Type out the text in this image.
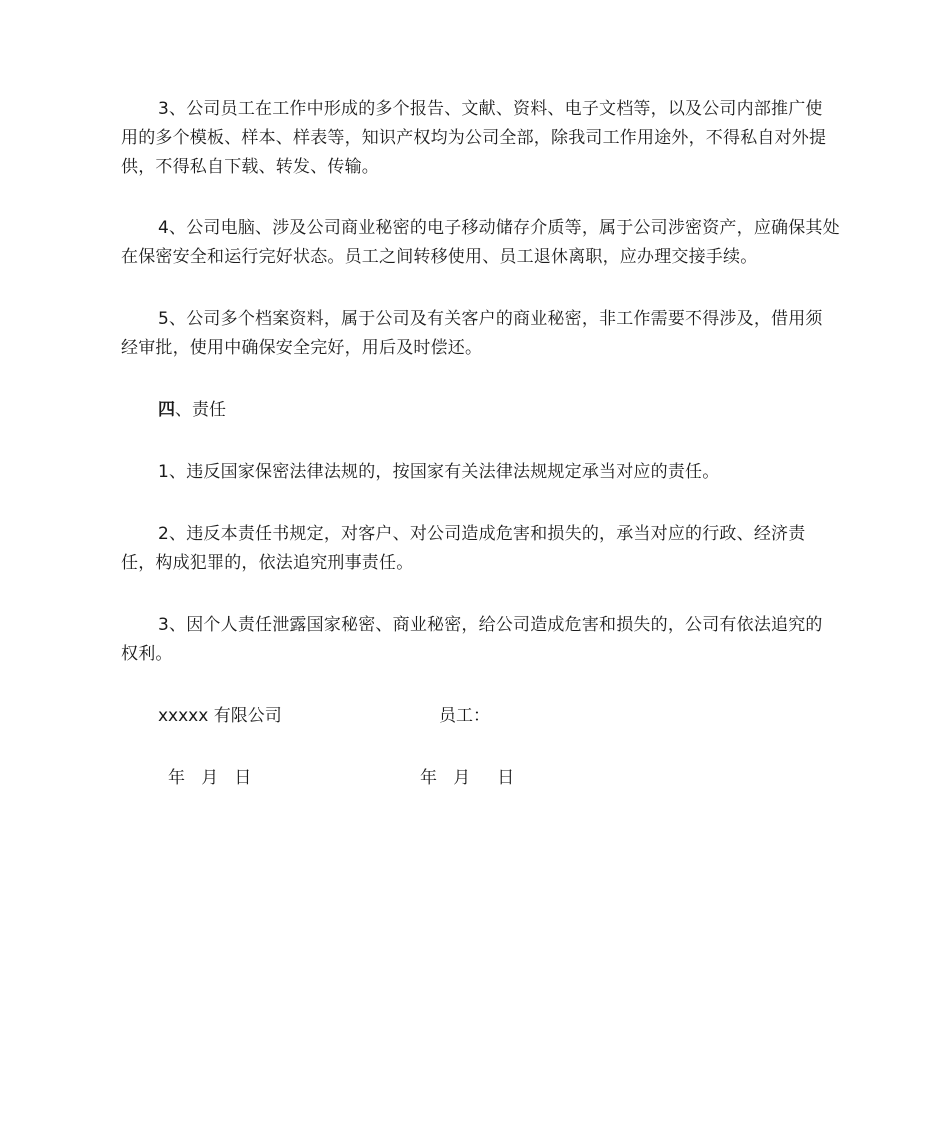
3、公司员工在工作中形成的多个报告、文献、资料、电子文档等，以及公司内部推广使用的多个模板、样本、样表等，知识产权均为公司全部，除我司工作用途外，不得私自对外提供，不得私自下载、转发、传输。

4、公司电脑、涉及公司商业秘密的电子移动储存介质等，属于公司涉密资产，应确保其处在保密安全和运行完好状态。员工之间转移使用、员工退休离职，应办理交接手续。

5、公司多个档案资料，属于公司及有关客户的商业秘密，非工作需要不得涉及，借用须经审批，使用中确保安全完好，用后及时偿还。

四、责任

1、违反国家保密法律法规的，按国家有关法律法规规定承当对应的责任。

2、违反本责任书规定，对客户、对公司造成危害和损失的，承当对应的行政、经济责任，构成犯罪的，依法追究刑事责任。

3、因个人责任泄露国家秘密、商业秘密，给公司造成危害和损失的，公司有依法追究的权利。

xxxxx 有限公司	员工：
年   月   日	年   月     日
